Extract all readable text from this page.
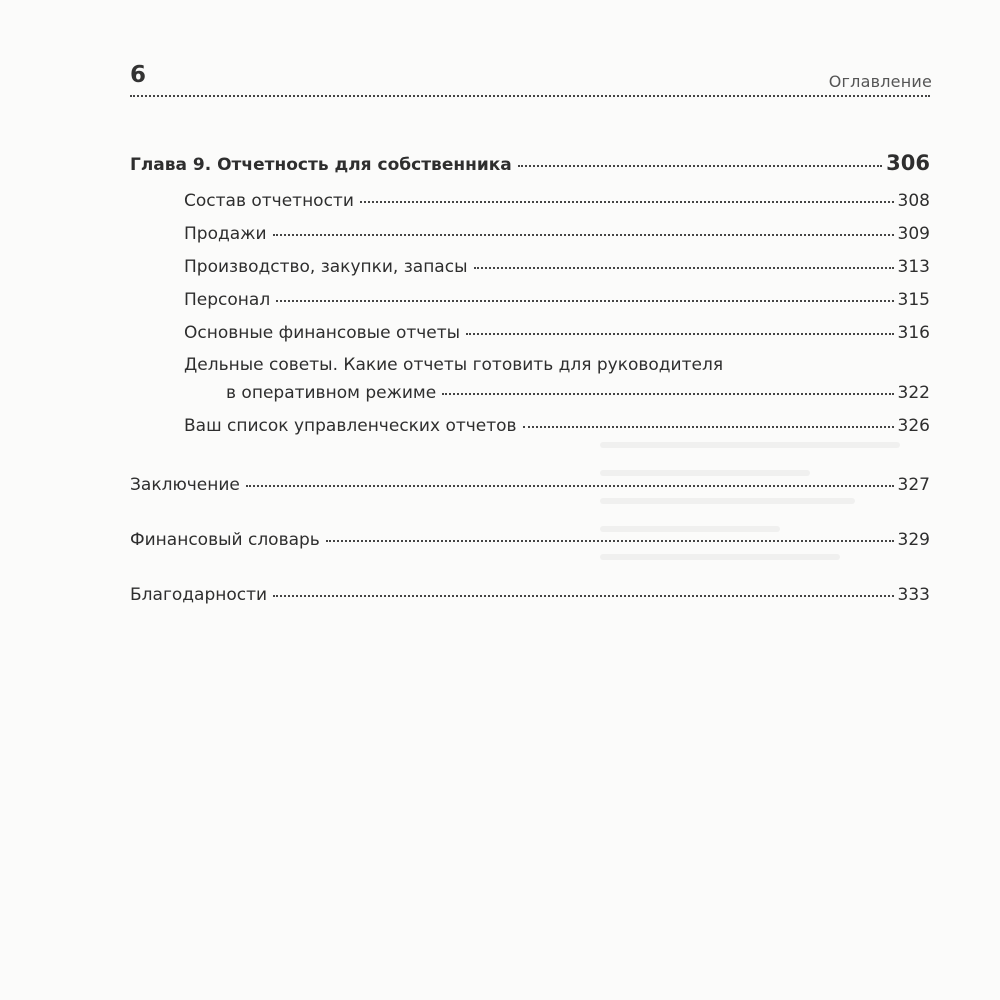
6	Оглавление
Глава 9. Отчетность для собственника	306
Состав отчетности	308
Продажи	309
Производство, закупки, запасы	313
Персонал	315
Основные финансовые отчеты	316
Дельные советы. Какие отчеты готовить для руководителя
в оперативном режиме	322
Ваш список управленческих отчетов	326
Заключение	327
Финансовый словарь	329
Благодарности	333
